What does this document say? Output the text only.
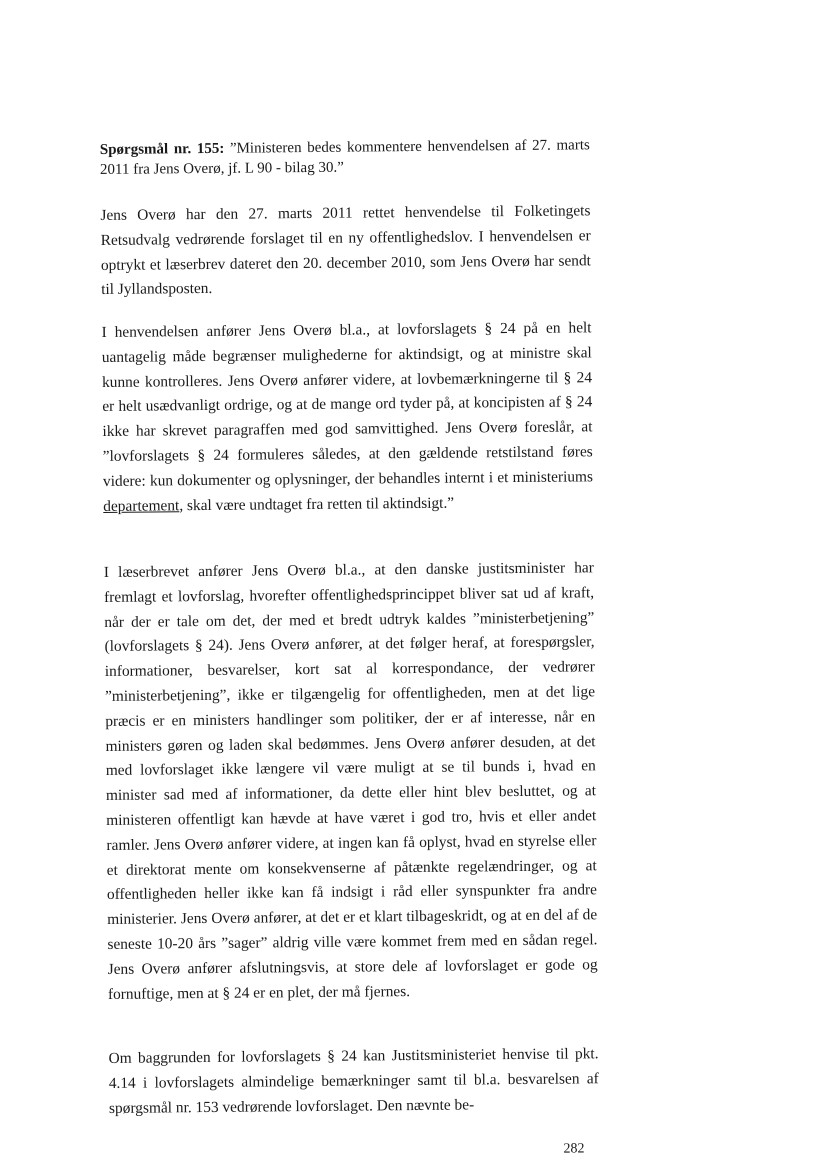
Spørgsmål nr. 155: ”Ministeren bedes kommentere henvendelsen af 27. marts 2011 fra Jens Overø, jf. L 90 - bilag 30.”

Jens Overø har den 27. marts 2011 rettet henvendelse til Folketingets Retsudvalg vedrørende forslaget til en ny offentlighedslov. I henvendelsen er optrykt et læserbrev dateret den 20. december 2010, som Jens Overø har sendt til Jyllandsposten.

I henvendelsen anfører Jens Overø bl.a., at lovforslagets § 24 på en helt uantagelig måde begrænser mulighederne for aktindsigt, og at ministre skal kunne kontrolleres. Jens Overø anfører videre, at lovbemærkningerne til § 24 er helt usædvanligt ordrige, og at de mange ord tyder på, at koncipisten af § 24 ikke har skrevet paragraffen med god samvittighed. Jens Overø foreslår, at ”lovforslagets § 24 formuleres således, at den gældende retstilstand føres videre: kun dokumenter og oplysninger, der behandles internt i et ministeriums departement, skal være undtaget fra retten til aktindsigt.”

I læserbrevet anfører Jens Overø bl.a., at den danske justitsminister har fremlagt et lovforslag, hvorefter offentlighedsprincippet bliver sat ud af kraft, når der er tale om det, der med et bredt udtryk kaldes ”ministerbetjening” (lovforslagets § 24). Jens Overø anfører, at det følger heraf, at forespørgsler, informationer, besvarelser, kort sat al korrespondance, der vedrører ”ministerbetjening”, ikke er tilgængelig for offentligheden, men at det lige præcis er en ministers handlinger som politiker, der er af interesse, når en ministers gøren og laden skal bedømmes. Jens Overø anfører desuden, at det med lovforslaget ikke længere vil være muligt at se til bunds i, hvad en minister sad med af informationer, da dette eller hint blev besluttet, og at ministeren offentligt kan hævde at have været i god tro, hvis et eller andet ramler. Jens Overø anfører videre, at ingen kan få oplyst, hvad en styrelse eller et direktorat mente om konsekvenserne af påtænkte regelændringer, og at offentligheden heller ikke kan få indsigt i råd eller synspunkter fra andre ministerier. Jens Overø anfører, at det er et klart tilbageskridt, og at en del af de seneste 10-20 års ”sager” aldrig ville være kommet frem med en sådan regel. Jens Overø anfører afslutningsvis, at store dele af lovforslaget er gode og fornuftige, men at § 24 er en plet, der må fjernes.

Om baggrunden for lovforslagets § 24 kan Justitsministeriet henvise til pkt. 4.14 i lovforslagets almindelige bemærkninger samt til bl.a. besvarelsen af spørgsmål nr. 153 vedrørende lovforslaget. Den nævnte be-

282
